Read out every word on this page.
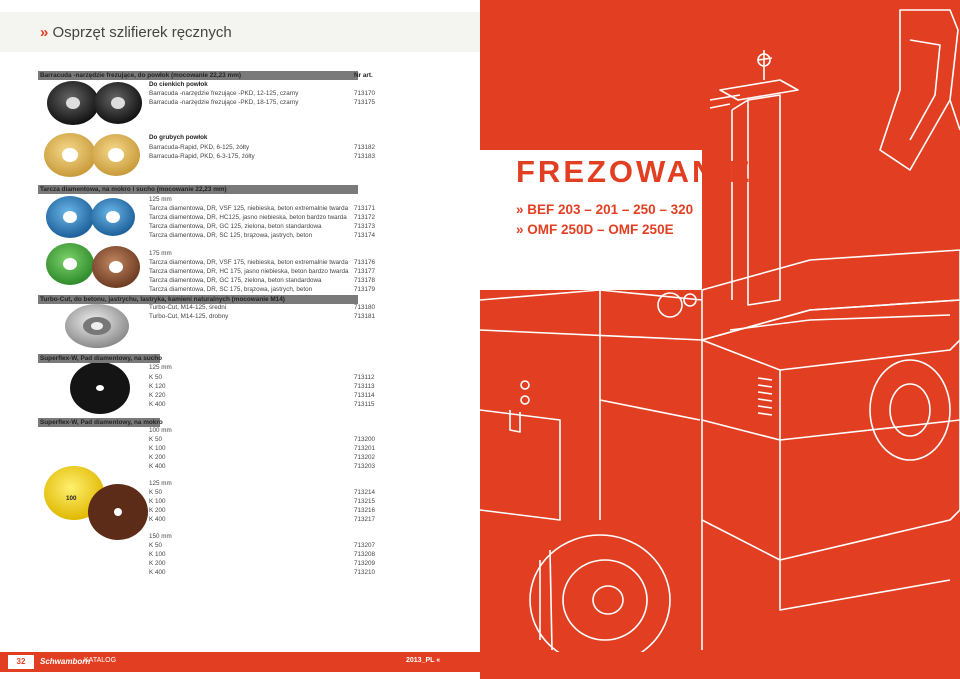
» Osprzęt szlifierek ręcznych
Barracuda -narzędzie frezujące, do powłok (mocowanie 22,23 mm)	Nr art.
Do cienkich powłok
Barracuda -narzędzie frezujące -PKD, 12-125, czarny	713170
Barracuda -narzędzie frezujące -PKD, 18-175, czarny	713175
Do grubych powłok
Barracuda-Rapid, PKD, 6-125, żółty	713182
Barracuda-Rapid, PKD, 6-3-175, żółty	713183
100
Tarcza diamentowa, na mokro i sucho (mocowanie 22,23 mm)
125 mm
Tarcza diamentowa, DR, VSF 125, niebieska, beton extremalnie twarda 713171
Tarcza diamentowa, DR, HC125, jasno niebieska, beton bardzo twarda 713172
Tarcza diamentowa, DR, GC 125, zielona, beton standardowa	713173
Tarcza diamentowa, DR, SC 125, brązowa, jastrych, beton	713174
175 mm
Tarcza diamentowa, DR, VSF 175, niebieska, beton extremalnie twarda 713176
Tarcza diamentowa, DR, HC 175, jasno niebieska, beton bardzo twarda 713177
Tarcza diamentowa, DR, GC 175, zielona, beton standardowa	713178
Tarcza diamentowa, DR, SC 175, brązowa, jastrych, beton	713179
Turbo-Cut, do betonu, jastrychu, lastryka, kamieni naturalnych (mocowanie M14)
Turbo-Cut, M14-125, średni	713180
Turbo-Cut, M14-125, drobny	713181
Superflex-W, Pad diamentowy, na sucho
125 mm
K 50	713112
K 120	713113
K 220	713114
K 400	713115
Superflex-W, Pad diamentowy, na mokro
100 mm
K 50	713200
K 100	713201
K 200	713202
K 400	713203
125 mm
K 50	713214
K 100	713215
K 200	713216
K 400	713217
150 mm
K 50	713207
K 100	713208
K 200	713209
K 400	713210
FREZOWANIE
» BEF 203 – 201 – 250 – 320
» OMF 250D – OMF 250E
32	Schwamborn
KATALOG	2013_PL «
